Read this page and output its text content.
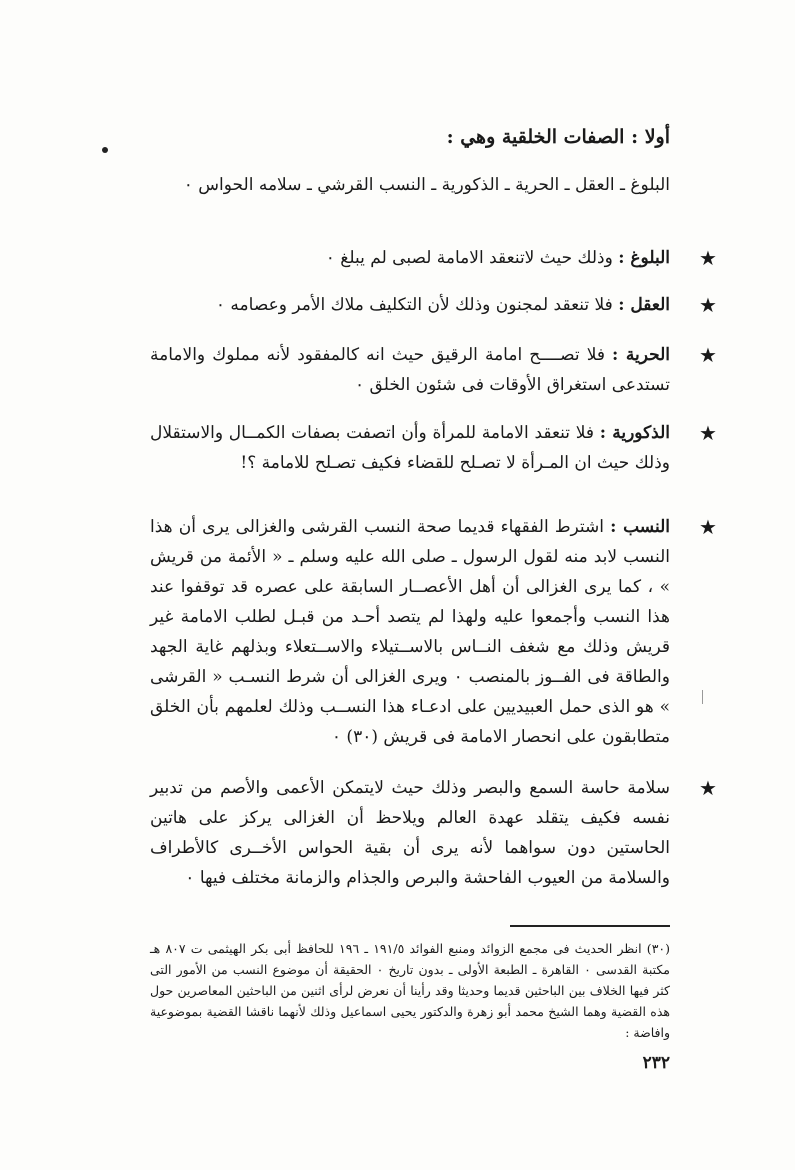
أولا : الصفات الخلقية وهي :
البلوغ ـ العقل ـ الحرية ـ الذكورية ـ النسب القرشي ـ سلامه الحواس ٠
★
البلوغ : وذلك حيث لاتنعقد الامامة لصبى لم يبلغ ٠
★
العقل : فلا تنعقد لمجنون وذلك لأن التكليف ملاك الأمر وعصامه ٠
★
الحرية : فلا تصــــح امامة الرقيق حيث انه كالمفقود لأنه مملوك والامامة تستدعى استغراق الأوقات فى شئون الخلق ٠
★
الذكورية : فلا تنعقد الامامة للمرأة وأن اتصفت بصفات الكمــال والاستقلال وذلك حيث ان المـرأة لا تصـلح للقضاء فكيف تصـلح للامامة ؟!
★
النسب : اشترط الفقهاء قديما صحة النسب القرشى والغزالى يرى أن هذا النسب لابد منه لقول الرسول ـ صلى الله عليه وسلم ـ « الأئمة من قريش » ، كما يرى الغزالى أن أهل الأعصــار السابقة على عصره قد توقفوا عند هذا النسب وأجمعوا عليه ولهذا لم يتصد أحـد من قبـل لطلب الامامة غير قريش وذلك مع شغف النــاس بالاســتيلاء والاســتعلاء وبذلهم غاية الجهد والطاقة فى الفــوز بالمنصب ٠ ويرى الغزالى أن شرط النسـب « القرشى » هو الذى حمل العبيديين على ادعـاء هذا النســب وذلك لعلمهم بأن الخلق متطابقون على انحصار الامامة فى قريش (٣٠) ٠
★
سلامة حاسة السمع والبصر وذلك حيث لايتمكن الأعمى والأصم من تدبير نفسه فكيف يتقلد عهدة العالم ويلاحظ أن الغزالى يركز على هاتين الحاستين دون سواهما لأنه يرى أن بقية الحواس الأخــرى كالأطراف والسلامة من العيوب الفاحشة والبرص والجذام والزمانة مختلف فيها ٠
(٣٠) انظر الحديث فى مجمع الزوائد ومنبع الفوائد ١٩١/٥ ـ ١٩٦ للحافظ أبى بكر الهيثمى ت ٨٠٧ هـ مكتبة القدسى ٠ القاهرة ـ الطبعة الأولى ـ بدون تاريخ ٠ الحقيقة أن موضوع النسب من الأمور التى كثر فيها الخلاف بين الباحثين قديما وحديثا وقد رأينا أن نعرض لرأى اثنين من الباحثين المعاصرين حول هذه القضية وهما الشيخ محمد أبو زهرة والدكتور يحيى اسماعيل وذلك لأنهما ناقشا القضية بموضوعية وافاضة :
٢٣٢
